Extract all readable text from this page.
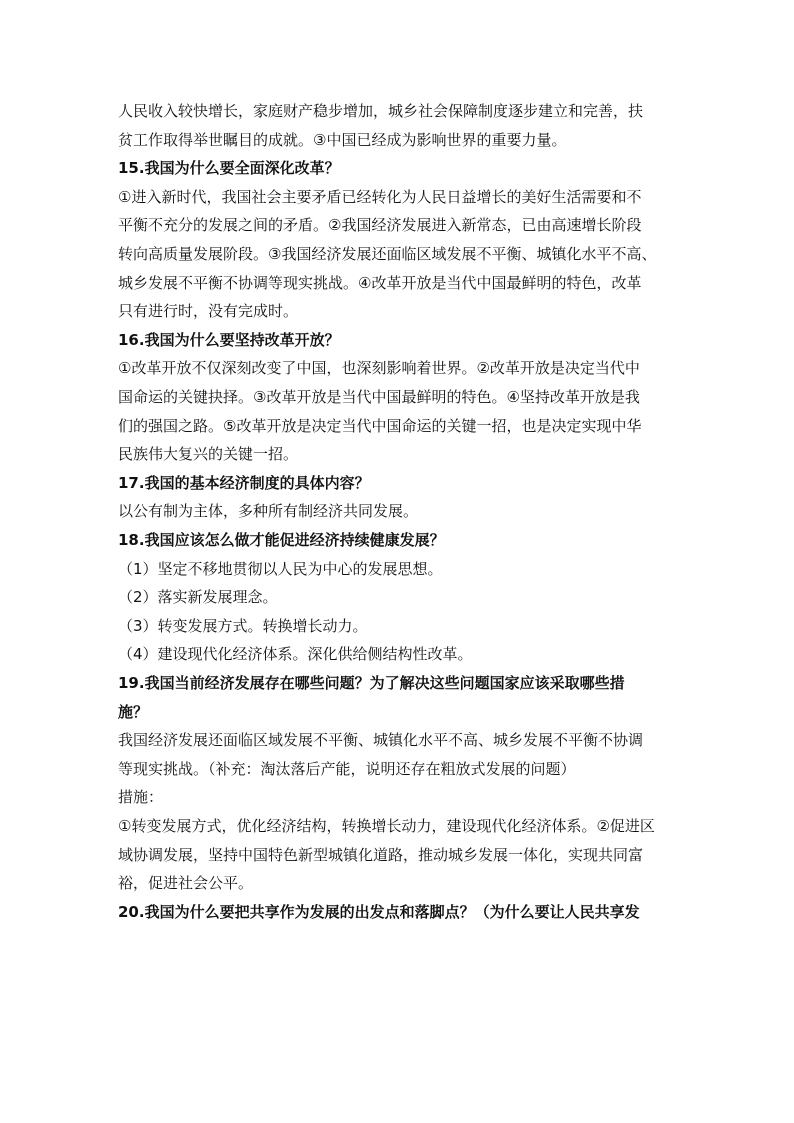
人民收入较快增长，家庭财产稳步增加，城乡社会保障制度逐步建立和完善，扶
贫工作取得举世瞩目的成就。③中国已经成为影响世界的重要力量。
15.我国为什么要全面深化改革？
①进入新时代，我国社会主要矛盾已经转化为人民日益增长的美好生活需要和不
平衡不充分的发展之间的矛盾。②我国经济发展进入新常态，已由高速增长阶段
转向高质量发展阶段。③我国经济发展还面临区域发展不平衡、城镇化水平不高、
城乡发展不平衡不协调等现实挑战。④改革开放是当代中国最鲜明的特色，改革
只有进行时，没有完成时。
16.我国为什么要坚持改革开放？
①改革开放不仅深刻改变了中国，也深刻影响着世界。②改革开放是决定当代中
国命运的关键抉择。③改革开放是当代中国最鲜明的特色。④坚持改革开放是我
们的强国之路。⑤改革开放是决定当代中国命运的关键一招，也是决定实现中华
民族伟大复兴的关键一招。
17.我国的基本经济制度的具体内容？
以公有制为主体，多种所有制经济共同发展。
18.我国应该怎么做才能促进经济持续健康发展？
（1）坚定不移地贯彻以人民为中心的发展思想。
（2）落实新发展理念。
（3）转变发展方式。转换增长动力。
（4）建设现代化经济体系。深化供给侧结构性改革。
19.我国当前经济发展存在哪些问题？为了解决这些问题国家应该采取哪些措
施？
我国经济发展还面临区域发展不平衡、城镇化水平不高、城乡发展不平衡不协调
等现实挑战。（补充：淘汰落后产能，说明还存在粗放式发展的问题）
措施：
①转变发展方式，优化经济结构，转换增长动力，建设现代化经济体系。②促进区
域协调发展，坚持中国特色新型城镇化道路，推动城乡发展一体化，实现共同富
裕，促进社会公平。
20.我国为什么要把共享作为发展的出发点和落脚点？（为什么要让人民共享发
